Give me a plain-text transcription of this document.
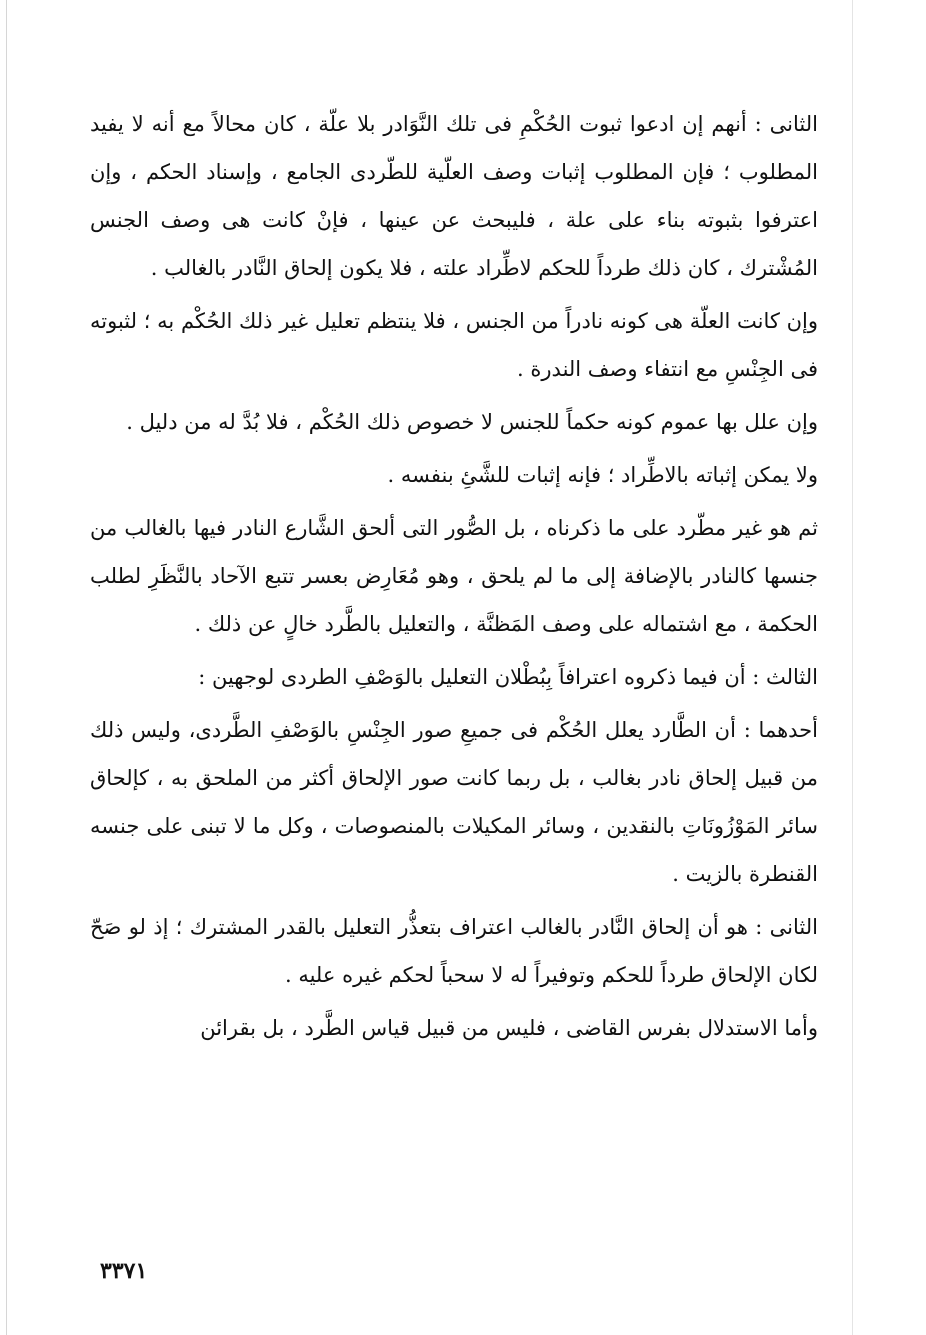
الثانى : أنهم إن ادعوا ثبوت الحُكْمِ فى تلك النَّوَادر بلا علّة ، كان محالاً مع أنه لا يفيد المطلوب ؛ فإن المطلوب إثبات وصف العلّية للطّردى الجامع ، وإسناد الحكم ، وإن اعترفوا بثبوته بناء على علة ، فليبحث عن عينها ، فإنْ كانت هى وصف الجنس المُشْترك ، كان ذلك طرداً للحكم لاطِّراد علته ، فلا يكون إلحاق النَّادر بالغالب .

وإن كانت العلّة هى كونه نادراً من الجنس ، فلا ينتظم تعليل غير ذلك الحُكْم به ؛ لثبوته فى الجِنْسِ مع انتفاء وصف الندرة .

وإن علل بها عموم كونه حكماً للجنس لا خصوص ذلك الحُكْم ، فلا بُدَّ له من دليل .

ولا يمكن إثباته بالاطِّراد ؛ فإنه إثبات للشَّئِ بنفسه .

ثم هو غير مطّرد على ما ذكرناه ، بل الصُّور التى ألحق الشَّارع النادر فيها بالغالب من جنسها كالنادر بالإضافة إلى ما لم يلحق ، وهو مُعَارِض بعسر تتبع الآحاد بالنَّظَرِ لطلب الحكمة ، مع اشتماله على وصف المَظنَّة ، والتعليل بالطَّرد خالٍ عن ذلك .

الثالث : أن فيما ذكروه اعترافاً بِبُطْلان التعليل بالوَصْفِ الطردى لوجهين :

أحدهما : أن الطَّارد يعلل الحُكْم فى جميعِ صور الجِنْسِ بالوَصْفِ الطَّردى، وليس ذلك من قبيل إلحاق نادر بغالب ، بل ربما كانت صور الإلحاق أكثر من الملحق به ، كإلحاق سائر المَوْزُونَاتِ بالنقدين ، وسائر المكيلات بالمنصوصات ، وكل ما لا تبنى على جنسه القنطرة بالزيت .

الثانى : هو أن إلحاق النَّادر بالغالب اعتراف بتعذُّر التعليل بالقدر المشترك ؛ إذ لو صَحّ لكان الإلحاق طرداً للحكم وتوفيراً له لا سحباً لحكم غيره عليه .

وأما الاستدلال بفرس القاضى ، فليس من قبيل قياس الطَّرد ، بل بقرائن

٣٣٧١
